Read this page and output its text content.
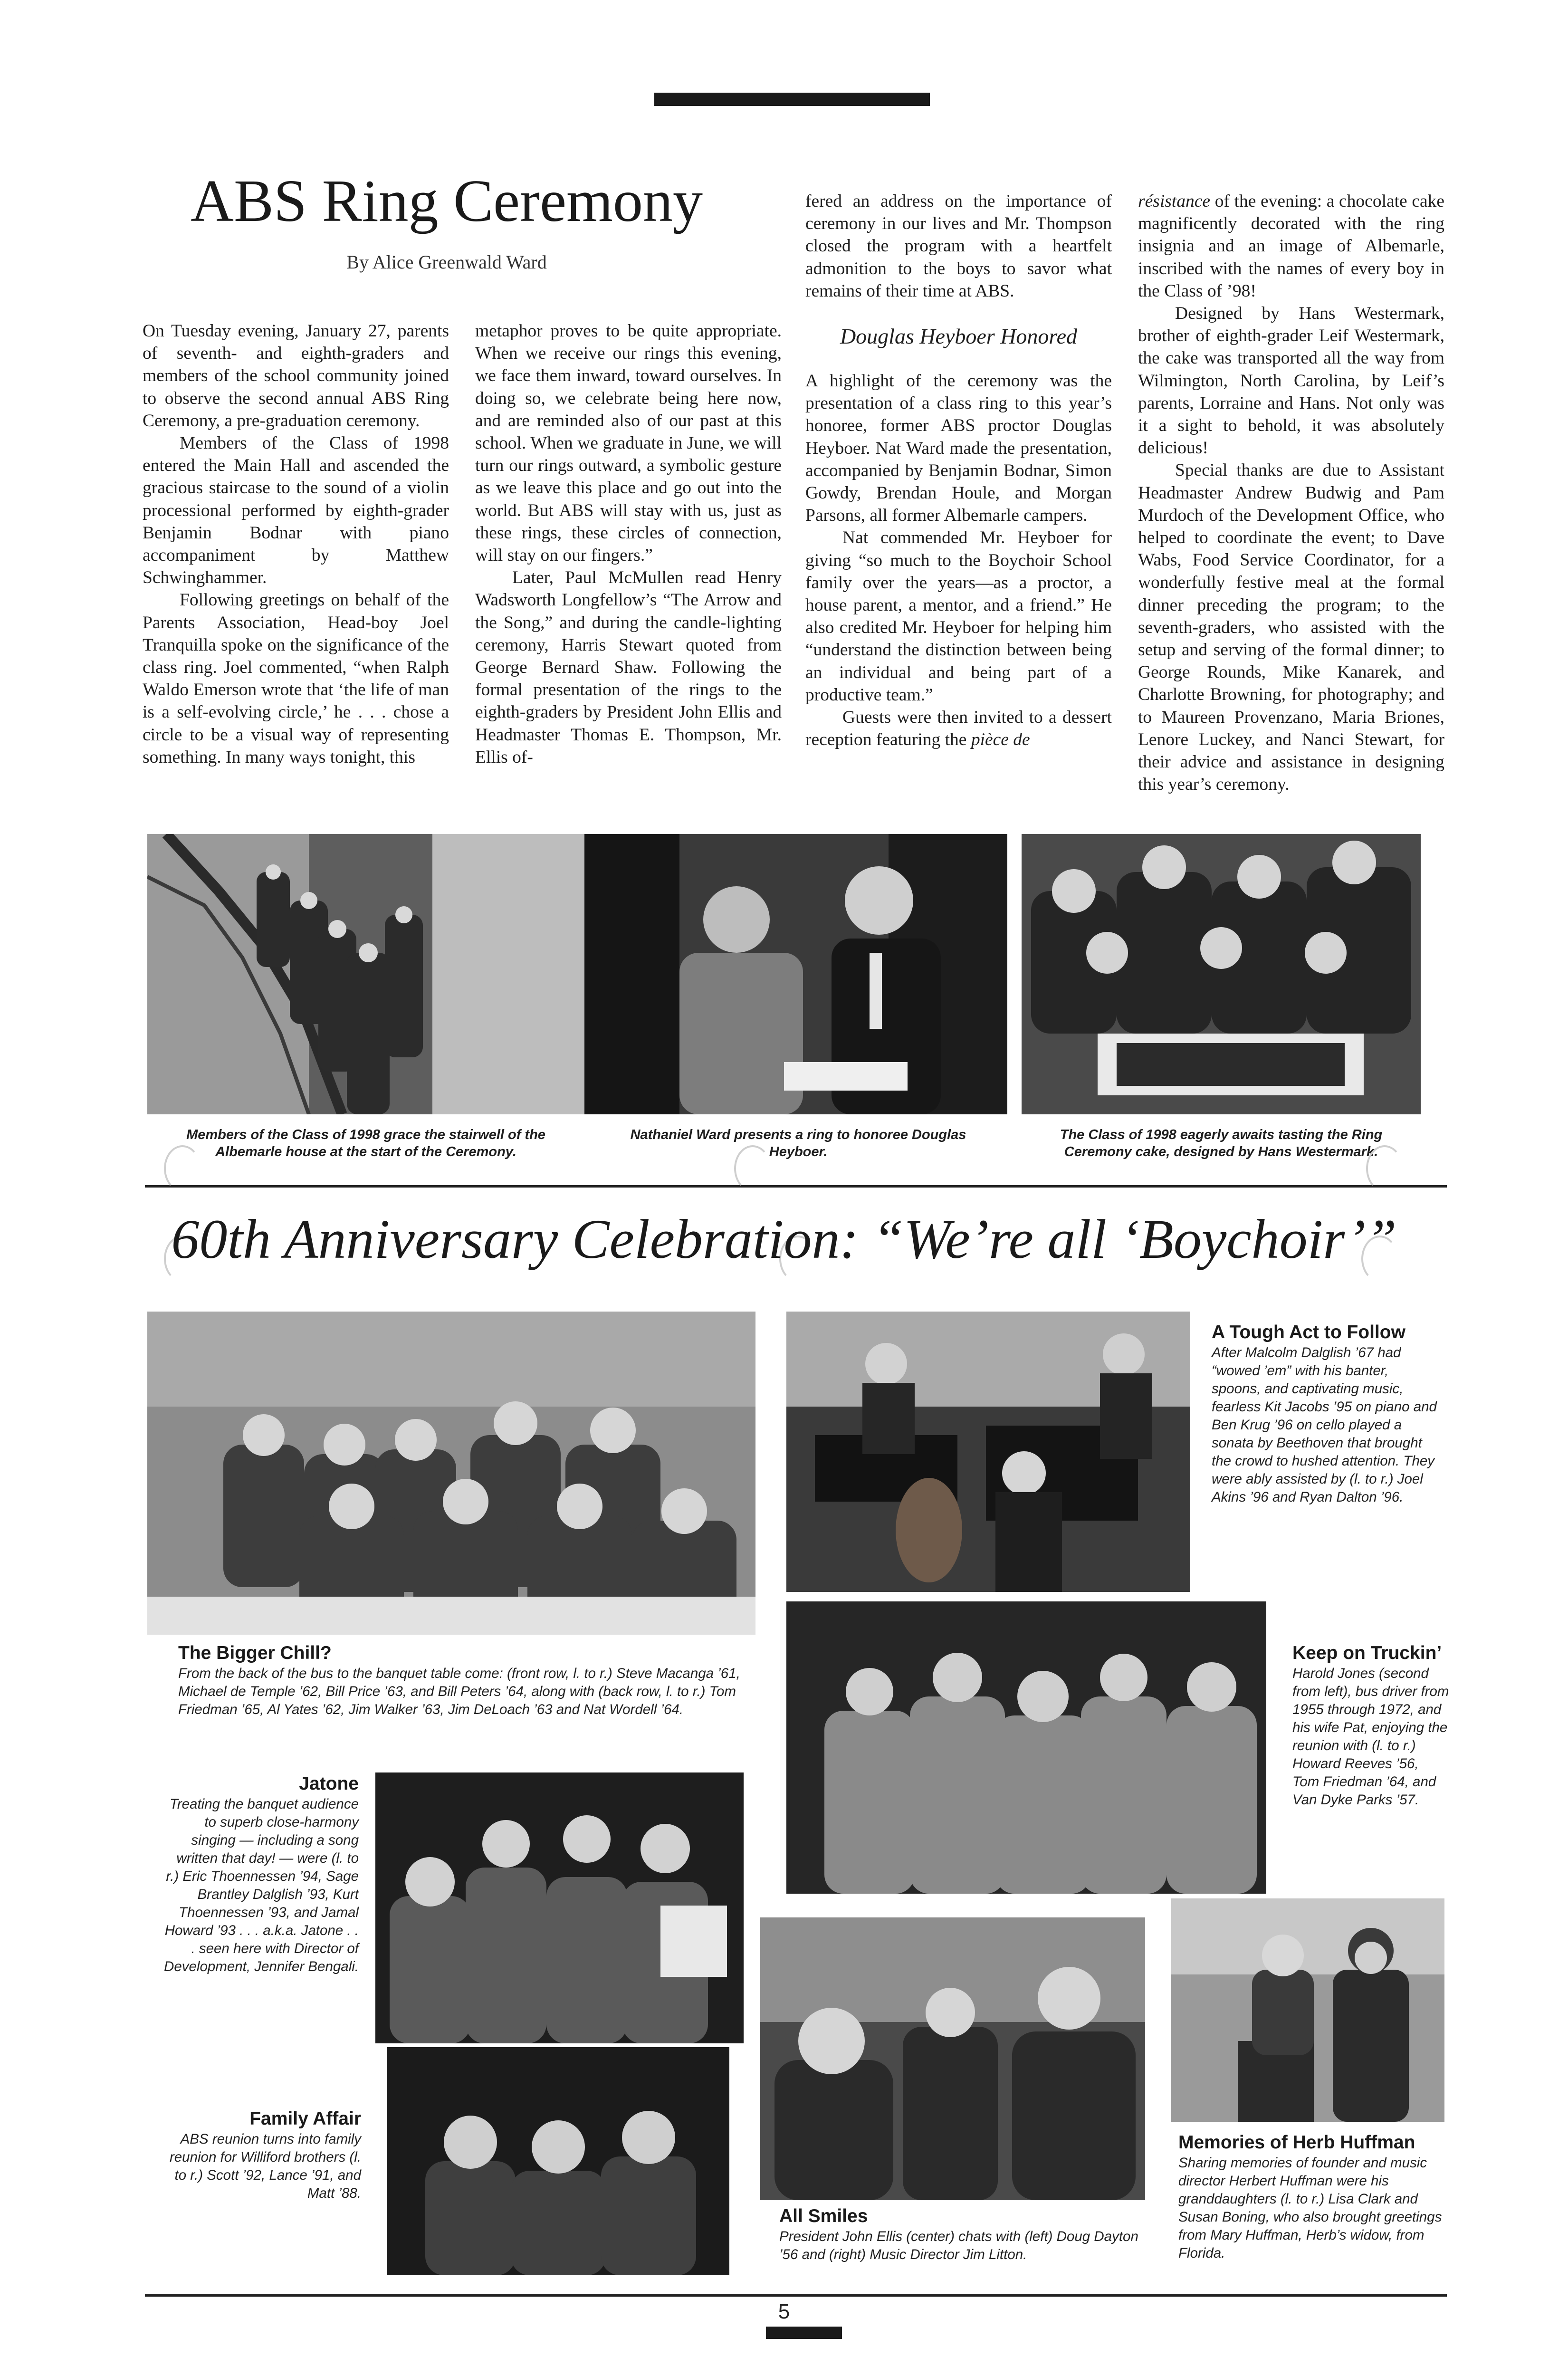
ABS Ring Ceremony
By Alice Greenwald Ward

On Tuesday evening, January 27, parents of seventh- and eighth-graders and members of the school community joined to observe the second annual ABS Ring Ceremony, a pre-graduation ceremony.

Members of the Class of 1998 entered the Main Hall and ascended the gracious staircase to the sound of a violin processional performed by eighth-grader Benjamin Bodnar with piano accompaniment by Matthew Schwinghammer.

Following greetings on behalf of the Parents Association, Head-boy Joel Tranquilla spoke on the significance of the class ring. Joel commented, “when Ralph Waldo Emerson wrote that ‘the life of man is a self-evolving circle,’ he . . . chose a circle to be a visual way of representing something. In many ways tonight, this

metaphor proves to be quite appropriate. When we receive our rings this evening, we face them inward, toward ourselves. In doing so, we celebrate being here now, and are reminded also of our past at this school. When we graduate in June, we will turn our rings outward, a symbolic gesture as we leave this place and go out into the world. But ABS will stay with us, just as these rings, these circles of connection, will stay on our fingers.”

Later, Paul McMullen read Henry Wadsworth Longfellow’s “The Arrow and the Song,” and during the candle-lighting ceremony, Harris Stewart quoted from George Bernard Shaw. Following the formal presentation of the rings to the eighth-graders by President John Ellis and Headmaster Thomas E. Thompson, Mr. Ellis of-

fered an address on the importance of ceremony in our lives and Mr. Thompson closed the program with a heartfelt admonition to the boys to savor what remains of their time at ABS.

Douglas Heyboer Honored

A highlight of the ceremony was the presentation of a class ring to this year’s honoree, former ABS proctor Douglas Heyboer. Nat Ward made the presentation, accompanied by Benjamin Bodnar, Simon Gowdy, Brendan Houle, and Morgan Parsons, all former Albemarle campers.

Nat commended Mr. Heyboer for giving “so much to the Boychoir School family over the years—as a proctor, a house parent, a mentor, and a friend.” He also credited Mr. Heyboer for helping him “understand the distinction between being an individual and being part of a productive team.”

Guests were then invited to a dessert reception featuring the pièce de

résistance of the evening: a chocolate cake magnificently decorated with the ring insignia and an image of Albemarle, inscribed with the names of every boy in the Class of ’98!

Designed by Hans Westermark, brother of eighth-grader Leif Westermark, the cake was transported all the way from Wilmington, North Carolina, by Leif’s parents, Lorraine and Hans. Not only was it a sight to behold, it was absolutely delicious!

Special thanks are due to Assistant Headmaster Andrew Budwig and Pam Murdoch of the Development Office, who helped to coordinate the event; to Dave Wabs, Food Service Coordinator, for a wonderfully festive meal at the formal dinner preceding the program; to the seventh-graders, who assisted with the setup and serving of the formal dinner; to George Rounds, Mike Kanarek, and Charlotte Browning, for photography; and to Maureen Provenzano, Maria Briones, Lenore Luckey, and Nanci Stewart, for their advice and assistance in designing this year’s ceremony.

Members of the Class of 1998 grace the stairwell of the Albemarle house at the start of the Ceremony.
Nathaniel Ward presents a ring to honoree Douglas Heyboer.
The Class of 1998 eagerly awaits tasting the Ring Ceremony cake, designed by Hans Westermark.
60th Anniversary Celebration: “We’re all ‘Boychoir’”
A Tough Act to Follow
After Malcolm Dalglish ’67 had “wowed ’em” with his banter, spoons, and captivating music, fearless Kit Jacobs ’95 on piano and Ben Krug ’96 on cello played a sonata by Beethoven that brought the crowd to hushed attention. They were ably assisted by (l. to r.) Joel Akins ’96 and Ryan Dalton ’96.
The Bigger Chill?
From the back of the bus to the banquet table come: (front row, l. to r.) Steve Macanga ’61, Michael de Temple ’62, Bill Price ’63, and Bill Peters ’64, along with (back row, l. to r.) Tom Friedman ’65, Al Yates ’62, Jim Walker ’63, Jim DeLoach ’63 and Nat Wordell ’64.
Keep on Truckin’
Harold Jones (second from left), bus driver from 1955 through 1972, and his wife Pat, enjoying the reunion with (l. to r.) Howard Reeves ’56, Tom Friedman ’64, and Van Dyke Parks ’57.
Jatone
Treating the banquet audience to superb close-harmony singing — including a song written that day! — were (l. to r.) Eric Thoennessen ’94, Sage Brantley Dalglish ’93, Kurt Thoennessen ’93, and Jamal Howard ’93 . . . a.k.a. Jatone . . . seen here with Director of Development, Jennifer Bengali.
Family Affair
ABS reunion turns into family reunion for Williford brothers (l. to r.) Scott ’92, Lance ’91, and Matt ’88.
All Smiles
President John Ellis (center) chats with (left) Doug Dayton ’56 and (right) Music Director Jim Litton.
Memories of Herb Huffman
Sharing memories of founder and music director Herbert Huffman were his granddaughters (l. to r.) Lisa Clark and Susan Boning, who also brought greetings from Mary Huffman, Herb’s widow, from Florida.
5
